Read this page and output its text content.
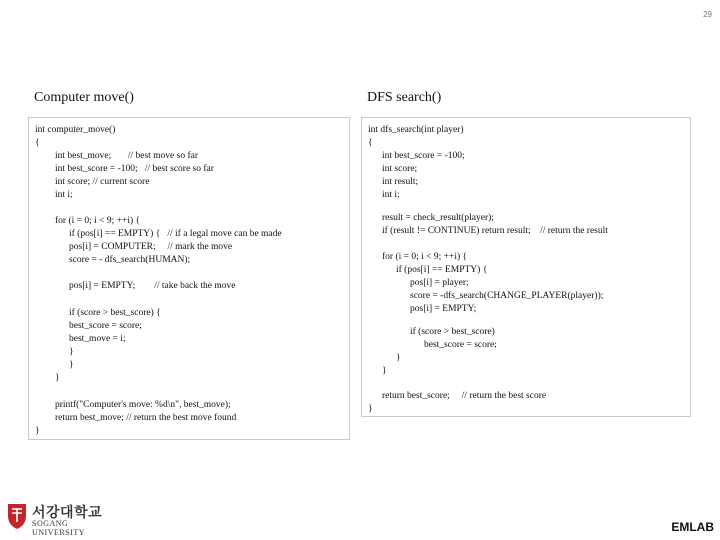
29
Computer move()	DFS search()
int computer_move()
{
int best_move;       // best move so far
int best_score = -100;   // best score so far
int score; // current score
int i;
for (i = 0; i < 9; ++i) {
if (pos[i] == EMPTY) {   // if a legal move can be made
pos[i] = COMPUTER;     // mark the move
score = - dfs_search(HUMAN);
pos[i] = EMPTY;        // take back the move
if (score > best_score) {
best_score = score;
best_move = i;
}
}
}
printf("Computer's move: %d\n", best_move);
return best_move; // return the best move found
}
int dfs_search(int player)
{
int best_score = -100;
int score;
int result;
int i;
result = check_result(player);
if (result != CONTINUE) return result;    // return the result
for (i = 0; i < 9; ++i) {
if (pos[i] == EMPTY) {
pos[i] = player;
score = -dfs_search(CHANGE_PLAYER(player));
pos[i] = EMPTY;
if (score > best_score)
best_score = score;
}
}
return best_score;     // return the best score
}
서강대학교
SOGANG UNIVERSITY	EMLAB
